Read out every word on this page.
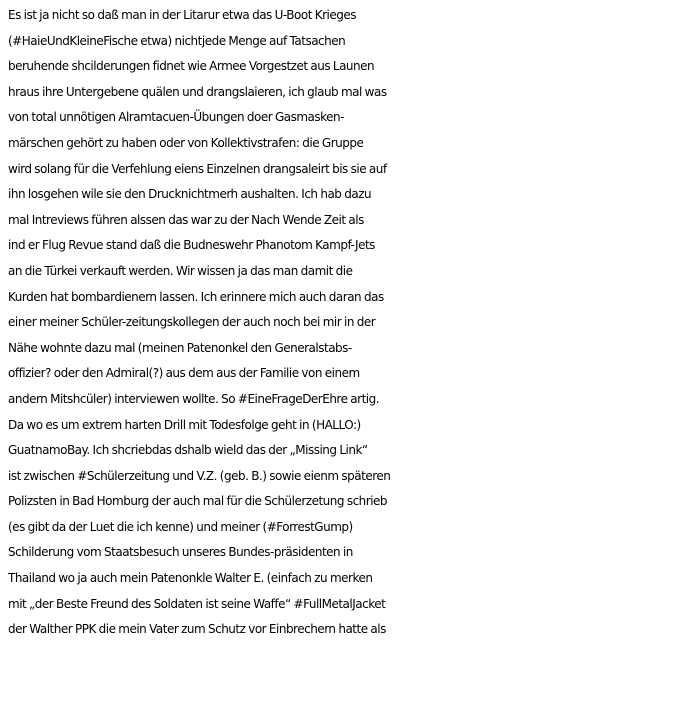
Es ist ja nicht so daß man in der Litarur etwa das U-Boot Krieges
(#HaieUndKleineFische etwa) nichtjede Menge auf Tatsachen
beruhende shcilderungen fidnet wie Armee Vorgestzet aus Launen
hraus ihre Untergebene quälen und drangslaieren, ich glaub mal was
von total unnötigen Alramtacuen-Übungen doer Gasmasken-
märschen gehört zu haben oder von Kollektivstrafen: die Gruppe
wird solang für die Verfehlung eiens Einzelnen drangsaleirt bis sie auf
ihn losgehen wile sie den Drucknichtmerh aushalten. Ich hab dazu
mal Intreviews führen alssen das war zu der Nach Wende Zeit als
ind er Flug Revue stand daß die Budneswehr Phanotom Kampf-Jets
an die Türkei verkauft werden. Wir wissen ja das man damit die
Kurden hat bombardienern lassen. Ich erinnere mich auch daran das
einer meiner Schüler-zeitungskollegen der auch noch bei mir in der
Nähe wohnte dazu mal (meinen Patenonkel den Generalstabs-
offizier? oder den Admiral(?) aus dem aus der Familie von einem
andern Mitshcüler) interviewen wollte. So #EineFrageDerEhre artig.
Da wo es um extrem harten Drill mit Todesfolge geht in (HALLO:)
GuatnamoBay. Ich shcriebdas dshalb wield das der „Missing Link“
ist zwischen #Schülerzeitung und V.Z. (geb. B.) sowie eienm späteren
Polizsten in Bad Homburg der auch mal für die Schülerzetung schrieb
(es gibt da der Luet die ich kenne) und meiner (#ForrestGump)
Schilderung vom Staatsbesuch unseres Bundes-präsidenten in
Thailand wo ja auch mein Patenonkle Walter E. (einfach zu merken
mit „der Beste Freund des Soldaten ist seine Waffe“ #FullMetalJacket
der Walther PPK die mein Vater zum Schutz vor Einbrechern hatte als
